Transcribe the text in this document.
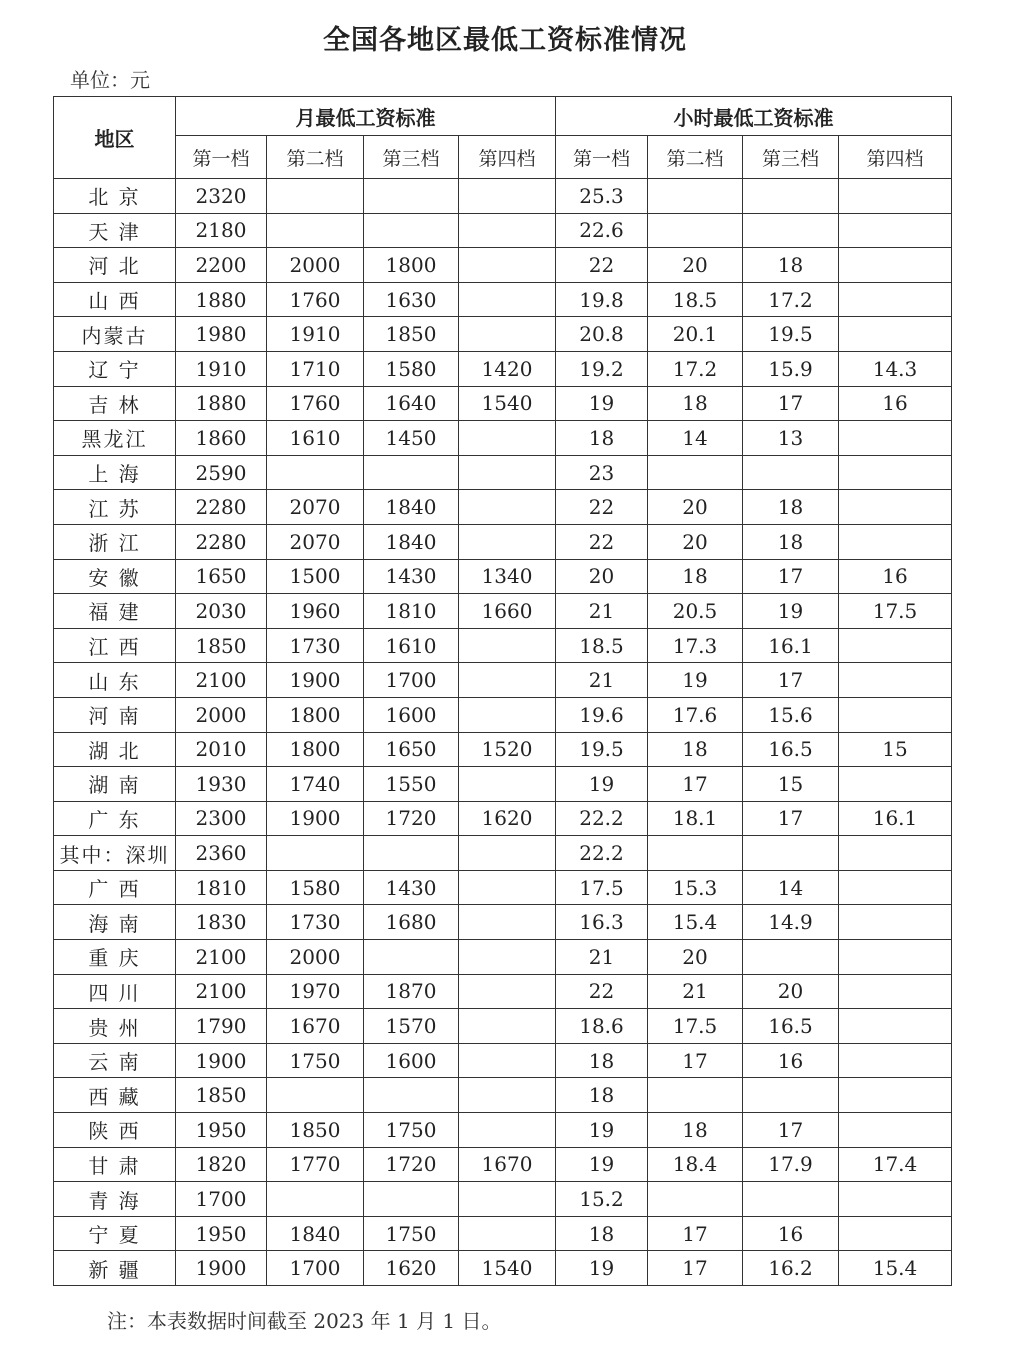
全国各地区最低工资标准情况
单位：元
地区	月最低工资标准				小时最低工资标准			
	第一档	第二档	第三档	第四档	第一档	第二档	第三档	第四档
北 京	2320				25.3			
天 津	2180				22.6			
河 北	2200	2000	1800		22	20	18	
山 西	1880	1760	1630		19.8	18.5	17.2	
内蒙古	1980	1910	1850		20.8	20.1	19.5	
辽 宁	1910	1710	1580	1420	19.2	17.2	15.9	14.3
吉 林	1880	1760	1640	1540	19	18	17	16
黑龙江	1860	1610	1450		18	14	13	
上 海	2590				23			
江 苏	2280	2070	1840		22	20	18	
浙 江	2280	2070	1840		22	20	18	
安 徽	1650	1500	1430	1340	20	18	17	16
福 建	2030	1960	1810	1660	21	20.5	19	17.5
江 西	1850	1730	1610		18.5	17.3	16.1	
山 东	2100	1900	1700		21	19	17	
河 南	2000	1800	1600		19.6	17.6	15.6	
湖 北	2010	1800	1650	1520	19.5	18	16.5	15
湖 南	1930	1740	1550		19	17	15	
广 东	2300	1900	1720	1620	22.2	18.1	17	16.1
其中：深圳	2360				22.2			
广 西	1810	1580	1430		17.5	15.3	14	
海 南	1830	1730	1680		16.3	15.4	14.9	
重 庆	2100	2000			21	20		
四 川	2100	1970	1870		22	21	20	
贵 州	1790	1670	1570		18.6	17.5	16.5	
云 南	1900	1750	1600		18	17	16	
西 藏	1850				18			
陕 西	1950	1850	1750		19	18	17	
甘 肃	1820	1770	1720	1670	19	18.4	17.9	17.4
青 海	1700				15.2			
宁 夏	1950	1840	1750		18	17	16	
新 疆	1900	1700	1620	1540	19	17	16.2	15.4
注：本表数据时间截至 2023 年 1 月 1 日。
